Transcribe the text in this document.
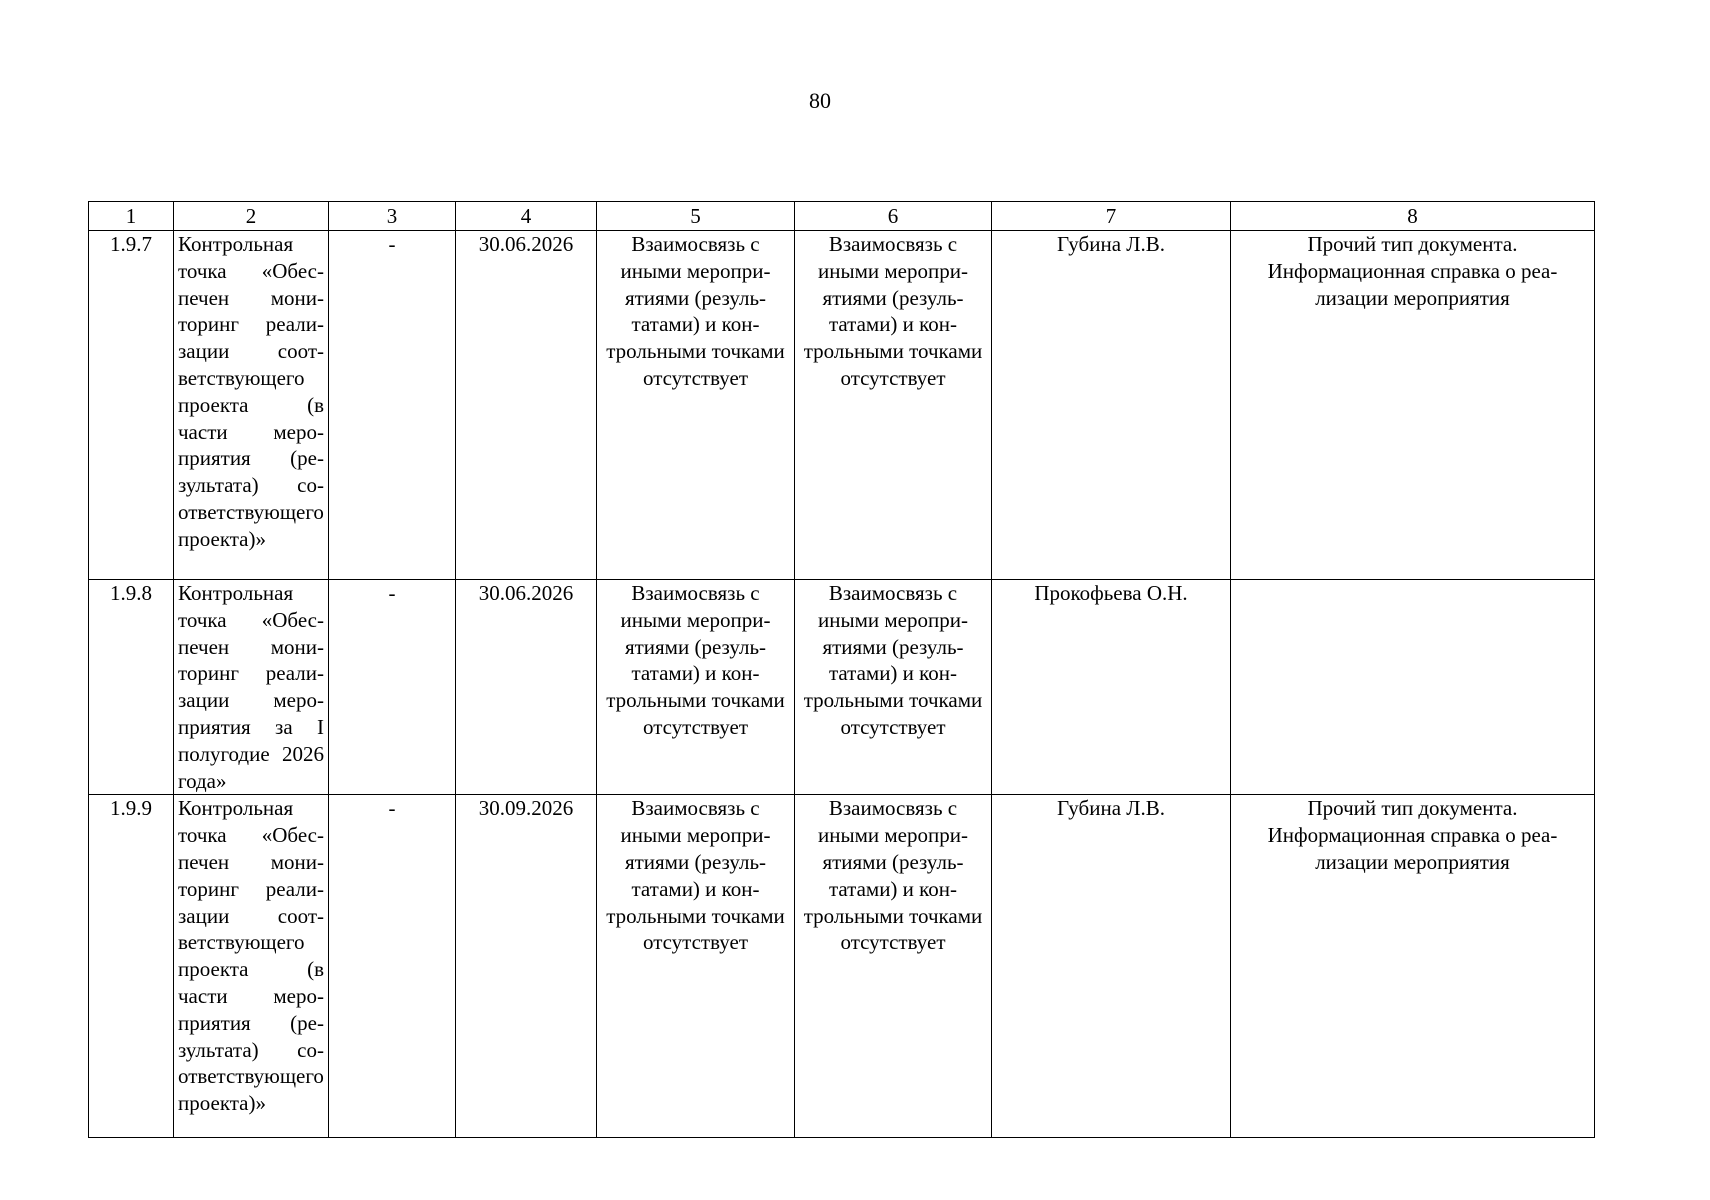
80
1	2	3	4	5	6	7	8
1.9.7	Контрольная точка «Обеспечен мониторинг реализации соответствующего проекта (в части мероприятия (результата) соответствующего проекта)»	-	30.06.2026	Взаимосвязь с иными мероприятиями (результатами) и контрольными точками отсутствует	Взаимосвязь с иными мероприятиями (результатами) и контрольными точками отсутствует	Губина Л.В.	Прочий тип документа. Информационная справка о реализации мероприятия
1.9.8	Контрольная точка «Обеспечен мониторинг реализации мероприятия за I полугодие 2026 года»	-	30.06.2026	Взаимосвязь с иными мероприятиями (результатами) и контрольными точками отсутствует	Взаимосвязь с иными мероприятиями (результатами) и контрольными точками отсутствует	Прокофьева О.Н.	
1.9.9	Контрольная точка «Обеспечен мониторинг реализации соответствующего проекта (в части мероприятия (результата) соответствующего проекта)»	-	30.09.2026	Взаимосвязь с иными мероприятиями (результатами) и контрольными точками отсутствует	Взаимосвязь с иными мероприятиями (результатами) и контрольными точками отсутствует	Губина Л.В.	Прочий тип документа. Информационная справка о реализации мероприятия
